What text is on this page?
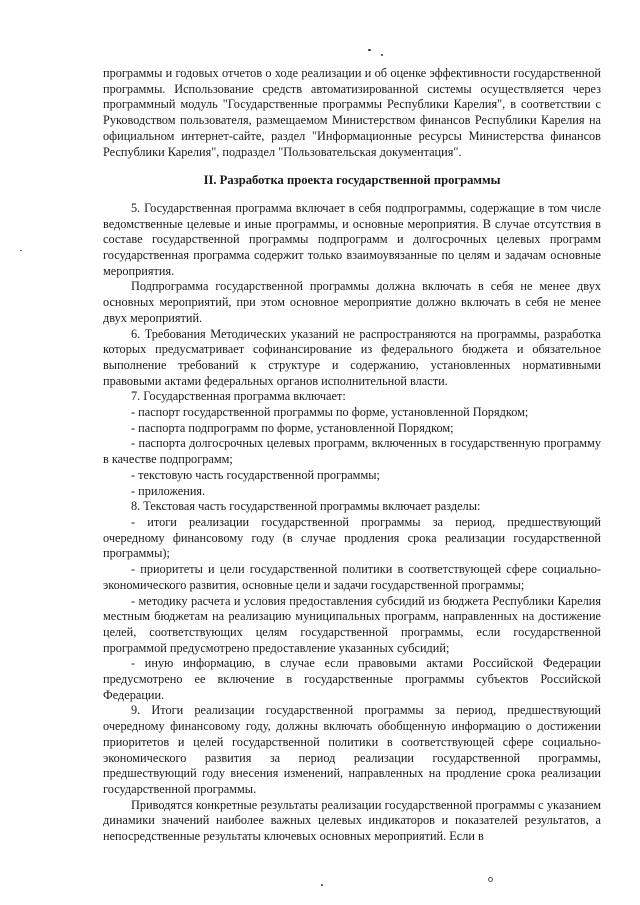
программы и годовых отчетов о ходе реализации и об оценке эффективности государственной программы. Использование средств автоматизированной системы осуществляется через программный модуль "Государственные программы Республики Карелия", в соответствии с Руководством пользователя, размещаемом Министерством финансов Республики Карелия на официальном интернет-сайте, раздел "Информационные ресурсы Министерства финансов Республики Карелия", подраздел "Пользовательская документация".

II. Разработка проекта государственной программы

5. Государственная программа включает в себя подпрограммы, содержащие в том числе ведомственные целевые и иные программы, и основные мероприятия. В случае отсутствия в составе государственной программы подпрограмм и долгосрочных целевых программ государственная программа содержит только взаимоувязанные по целям и задачам основные мероприятия.

Подпрограмма государственной программы должна включать в себя не менее двух основных мероприятий, при этом основное мероприятие должно включать в себя не менее двух мероприятий.

6. Требования Методических указаний не распространяются на программы, разработка которых предусматривает софинансирование из федерального бюджета и обязательное выполнение требований к структуре и содержанию, установленных нормативными правовыми актами федеральных органов исполнительной власти.

7. Государственная программа включает:

- паспорт государственной программы по форме, установленной Порядком;

- паспорта подпрограмм по форме, установленной Порядком;

- паспорта долгосрочных целевых программ, включенных в государственную программу в качестве подпрограмм;

- текстовую часть государственной программы;

- приложения.

8. Текстовая часть государственной программы включает разделы:

- итоги реализации государственной программы за период, предшествующий очередному финансовому году (в случае продления срока реализации государственной программы);

- приоритеты и цели государственной политики в соответствующей сфере социально-экономического развития, основные цели и задачи государственной программы;

- методику расчета и условия предоставления субсидий из бюджета Республики Карелия местным бюджетам на реализацию муниципальных программ, направленных на достижение целей, соответствующих целям государственной программы, если государственной программой предусмотрено предоставление указанных субсидий;

- иную информацию, в случае если правовыми актами Российской Федерации предусмотрено ее включение в государственные программы субъектов Российской Федерации.

9. Итоги реализации государственной программы за период, предшествующий очередному финансовому году, должны включать обобщенную информацию о достижении приоритетов и целей государственной политики в соответствующей сфере социально-экономического развития за период реализации государственной программы, предшествующий году внесения изменений, направленных на продление срока реализации государственной программы.

Приводятся конкретные результаты реализации государственной программы с указанием динамики значений наиболее важных целевых индикаторов и показателей результатов, а непосредственные результаты ключевых основных мероприятий. Если в
